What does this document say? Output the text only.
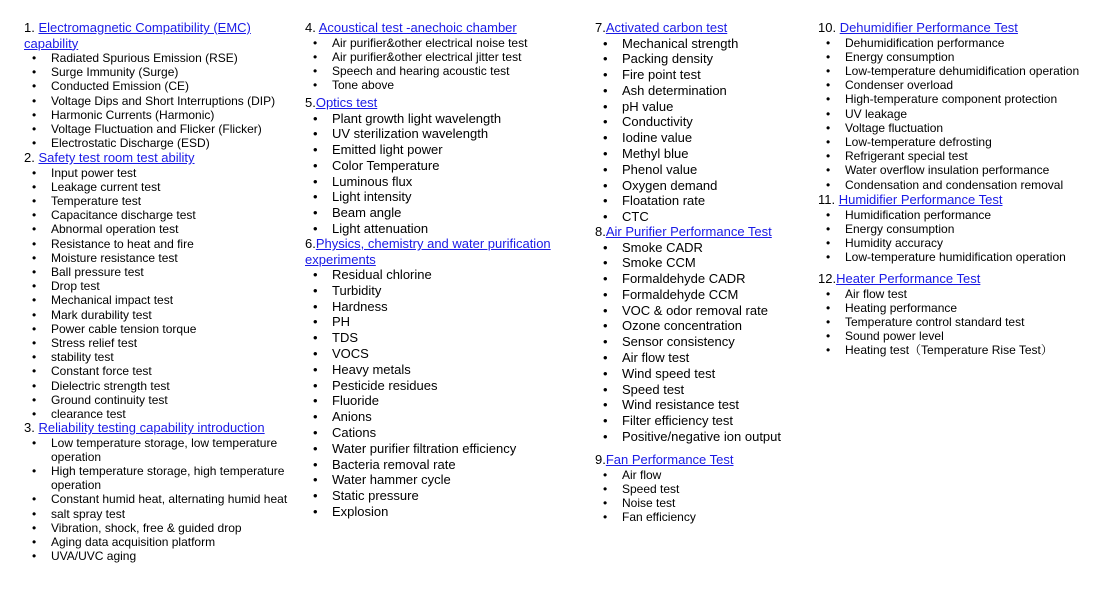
1. Electromagnetic Compatibility (EMC) capability
• Radiated Spurious Emission (RSE)
• Surge Immunity (Surge)
• Conducted Emission (CE)
• Voltage Dips and Short Interruptions (DIP)
• Harmonic Currents (Harmonic)
• Voltage Fluctuation and Flicker (Flicker)
• Electrostatic Discharge (ESD)
2. Safety test room test ability
• Input power test
• Leakage current test
• Temperature test
• Capacitance discharge test
• Abnormal operation test
• Resistance to heat and fire
• Moisture resistance test
• Ball pressure test
• Drop test
• Mechanical impact test
• Mark durability test
• Power cable tension torque
• Stress relief test
• stability test
• Constant force test
• Dielectric strength test
• Ground continuity test
• clearance test
3. Reliability testing capability introduction
• Low temperature storage, low temperature operation
• High temperature storage, high temperature operation
• Constant humid heat, alternating humid heat
• salt spray test
• Vibration, shock, free & guided drop
• Aging data acquisition platform
• UVA/UVC aging
4. Acoustical test -anechoic chamber
• Air purifier&other electrical noise test
• Air purifier&other electrical jitter test
• Speech and hearing acoustic test
• Tone above
5.Optics test
• Plant growth light wavelength
• UV sterilization wavelength
• Emitted light power
• Color Temperature
• Luminous flux
• Light intensity
• Beam angle
• Light attenuation
6.Physics, chemistry and water purification experiments
• Residual chlorine
• Turbidity
• Hardness
• PH
• TDS
• VOCS
• Heavy metals
• Pesticide residues
• Fluoride
• Anions
• Cations
• Water purifier filtration efficiency
• Bacteria removal rate
• Water hammer cycle
• Static pressure
• Explosion
7.Activated carbon test
• Mechanical strength
• Packing density
• Fire point test
• Ash determination
• pH value
• Conductivity
• Iodine value
• Methyl blue
• Phenol value
• Oxygen demand
• Floatation rate
• CTC
8.Air Purifier Performance Test
• Smoke CADR
• Smoke CCM
• Formaldehyde CADR
• Formaldehyde CCM
• VOC & odor removal rate
• Ozone concentration
• Sensor consistency
• Air flow test
• Wind speed test
• Speed test
• Wind resistance test
• Filter efficiency test
• Positive/negative ion output
9.Fan Performance Test
• Air flow
• Speed test
• Noise test
• Fan efficiency
10. Dehumidifier Performance Test
• Dehumidification performance
• Energy consumption
• Low-temperature dehumidification operation
• Condenser overload
• High-temperature component protection
• UV leakage
• Voltage fluctuation
• Low-temperature defrosting
• Refrigerant special test
• Water overflow insulation performance
• Condensation and condensation removal
11. Humidifier Performance Test
• Humidification performance
• Energy consumption
• Humidity accuracy
• Low-temperature humidification operation
12.Heater Performance Test
• Air flow test
• Heating performance
• Temperature control standard test
• Sound power level
• Heating test（Temperature Rise Test）
